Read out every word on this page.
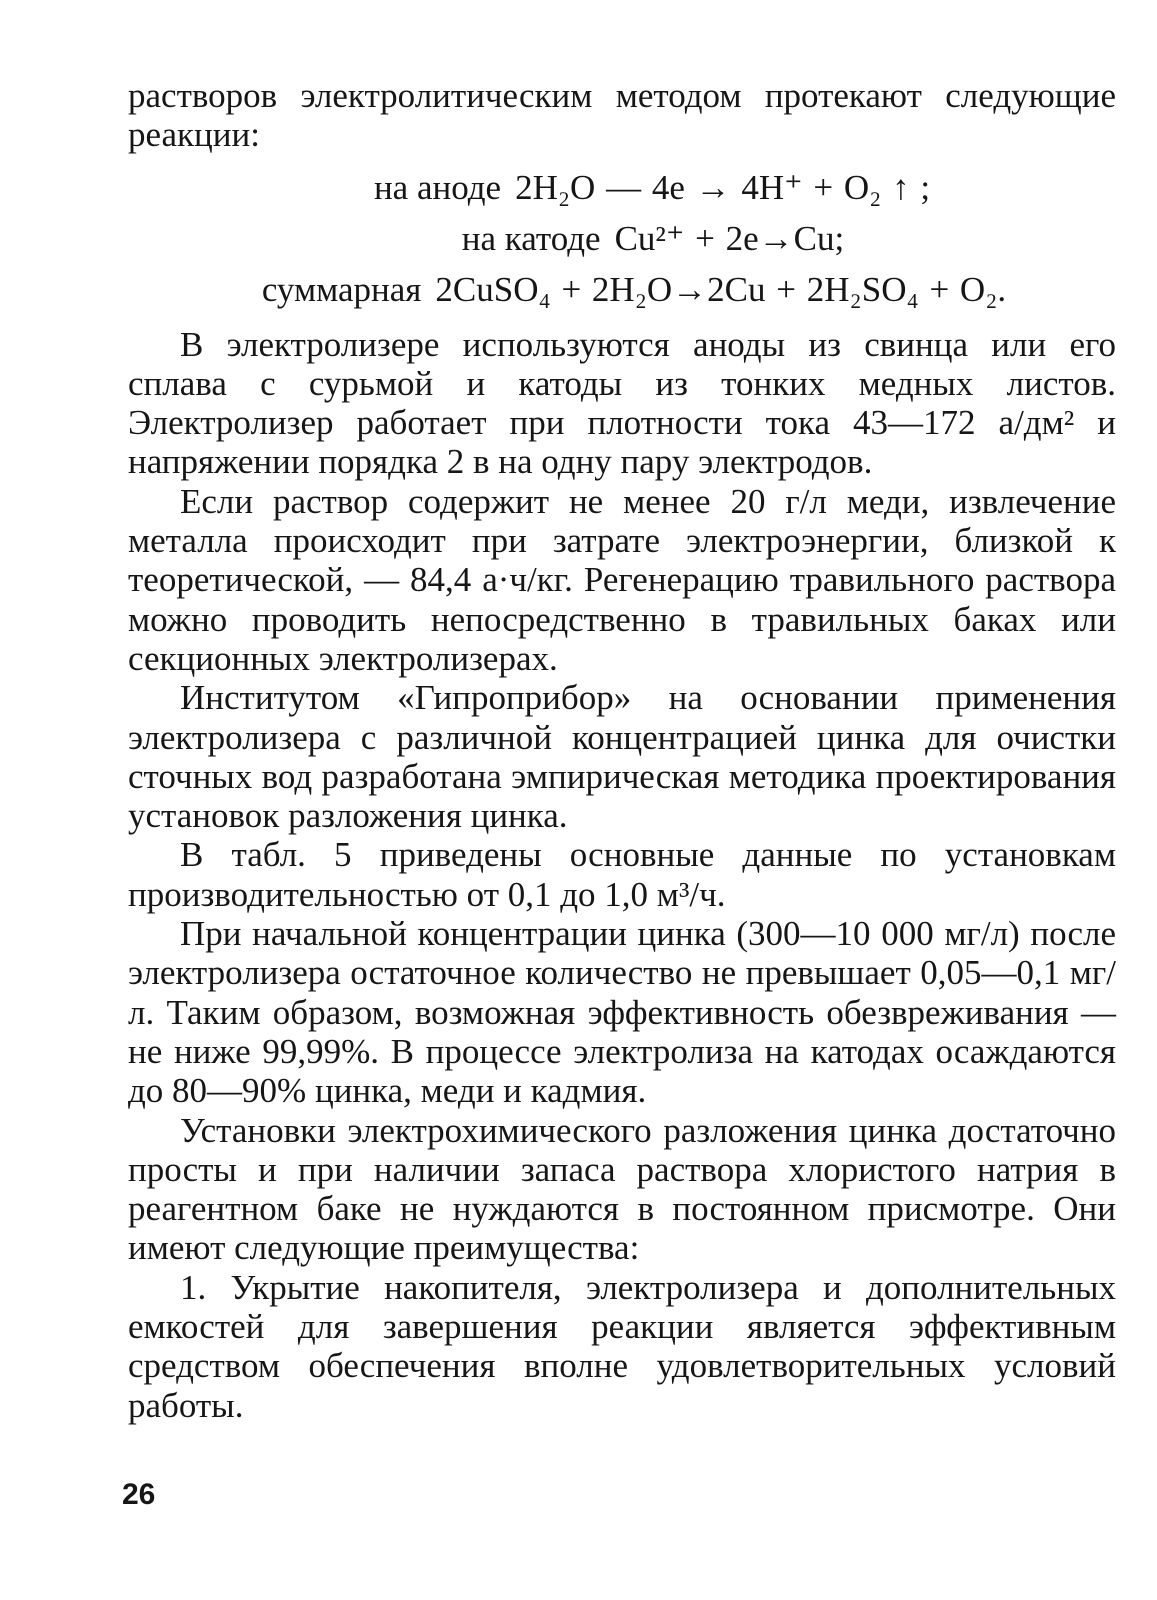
растворов электролитическим методом протекают следующие реакции:

на аноде 2H₂O — 4e → 4H⁺ + O₂ ↑ ;
на катоде Cu²⁺ + 2e→Cu;
суммарная 2CuSO₄ + 2H₂O→2Cu + 2H₂SO₄ + O₂.

В электролизере используются аноды из свинца или его сплава с сурьмой и катоды из тонких медных листов. Электролизер работает при плотности тока 43—172 а/дм² и напряжении порядка 2 в на одну пару электродов.

Если раствор содержит не менее 20 г/л меди, извлечение металла происходит при затрате электроэнергии, близкой к теоретической, — 84,4 а·ч/кг. Регенерацию травильного раствора можно проводить непосредственно в травильных баках или секционных электролизерах.

Институтом «Гипроприбор» на основании применения электролизера с различной концентрацией цинка для очистки сточных вод разработана эмпирическая методика проектирования установок разложения цинка.

В табл. 5 приведены основные данные по установкам производительностью от 0,1 до 1,0 м³/ч.

При начальной концентрации цинка (300—10 000 мг/л) после электролизера остаточное количество не превышает 0,05—0,1 мг/л. Таким образом, возможная эффективность обезвреживания — не ниже 99,99%. В процессе электролиза на катодах осаждаются до 80—90% цинка, меди и кадмия.

Установки электрохимического разложения цинка достаточно просты и при наличии запаса раствора хлористого натрия в реагентном баке не нуждаются в постоянном присмотре. Они имеют следующие преимущества:

1. Укрытие накопителя, электролизера и дополнительных емкостей для завершения реакции является эффективным средством обеспечения вполне удовлетворительных условий работы.

26
